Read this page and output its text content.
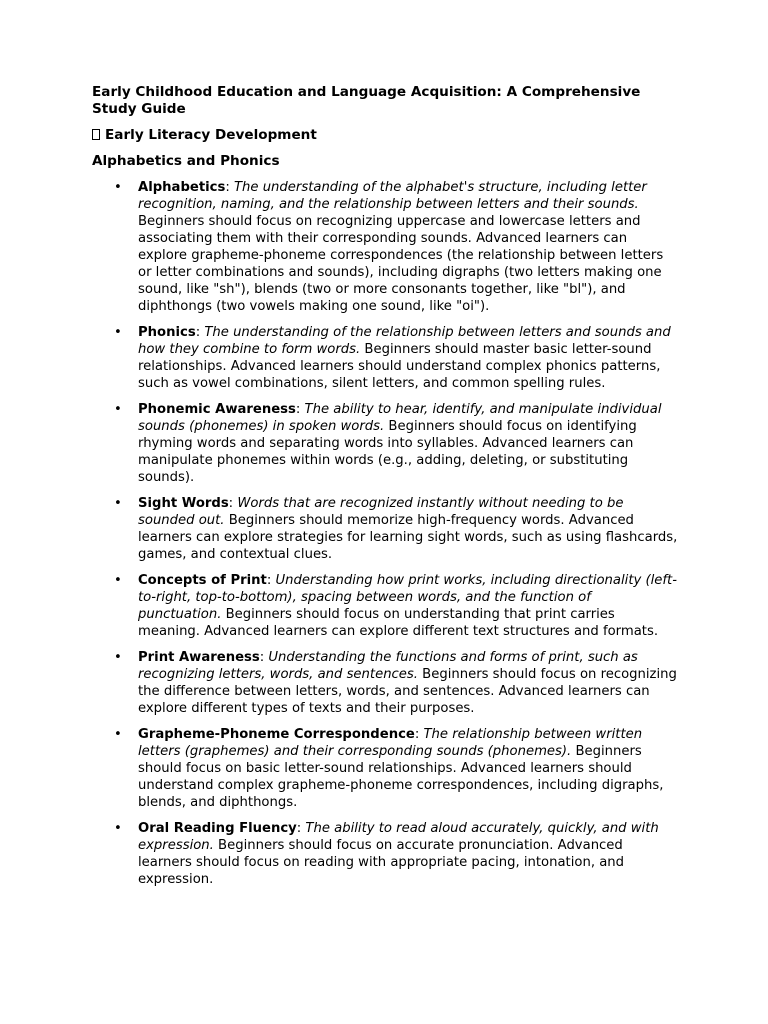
Early Childhood Education and Language Acquisition: A Comprehensive Study Guide
Early Literacy Development
Alphabetics and Phonics
• Alphabetics: The understanding of the alphabet's structure, including letter recognition, naming, and the relationship between letters and their sounds. Beginners should focus on recognizing uppercase and lowercase letters and associating them with their corresponding sounds. Advanced learners can explore grapheme-phoneme correspondences (the relationship between letters or letter combinations and sounds), including digraphs (two letters making one sound, like "sh"), blends (two or more consonants together, like "bl"), and diphthongs (two vowels making one sound, like "oi").
• Phonics: The understanding of the relationship between letters and sounds and how they combine to form words. Beginners should master basic letter-sound relationships. Advanced learners should understand complex phonics patterns, such as vowel combinations, silent letters, and common spelling rules.
• Phonemic Awareness: The ability to hear, identify, and manipulate individual sounds (phonemes) in spoken words. Beginners should focus on identifying rhyming words and separating words into syllables. Advanced learners can manipulate phonemes within words (e.g., adding, deleting, or substituting sounds).
• Sight Words: Words that are recognized instantly without needing to be sounded out. Beginners should memorize high-frequency words. Advanced learners can explore strategies for learning sight words, such as using flashcards, games, and contextual clues.
• Concepts of Print: Understanding how print works, including directionality (left-to-right, top-to-bottom), spacing between words, and the function of punctuation. Beginners should focus on understanding that print carries meaning. Advanced learners can explore different text structures and formats.
• Print Awareness: Understanding the functions and forms of print, such as recognizing letters, words, and sentences. Beginners should focus on recognizing the difference between letters, words, and sentences. Advanced learners can explore different types of texts and their purposes.
• Grapheme-Phoneme Correspondence: The relationship between written letters (graphemes) and their corresponding sounds (phonemes). Beginners should focus on basic letter-sound relationships. Advanced learners should understand complex grapheme-phoneme correspondences, including digraphs, blends, and diphthongs.
• Oral Reading Fluency: The ability to read aloud accurately, quickly, and with expression. Beginners should focus on accurate pronunciation. Advanced learners should focus on reading with appropriate pacing, intonation, and expression.
